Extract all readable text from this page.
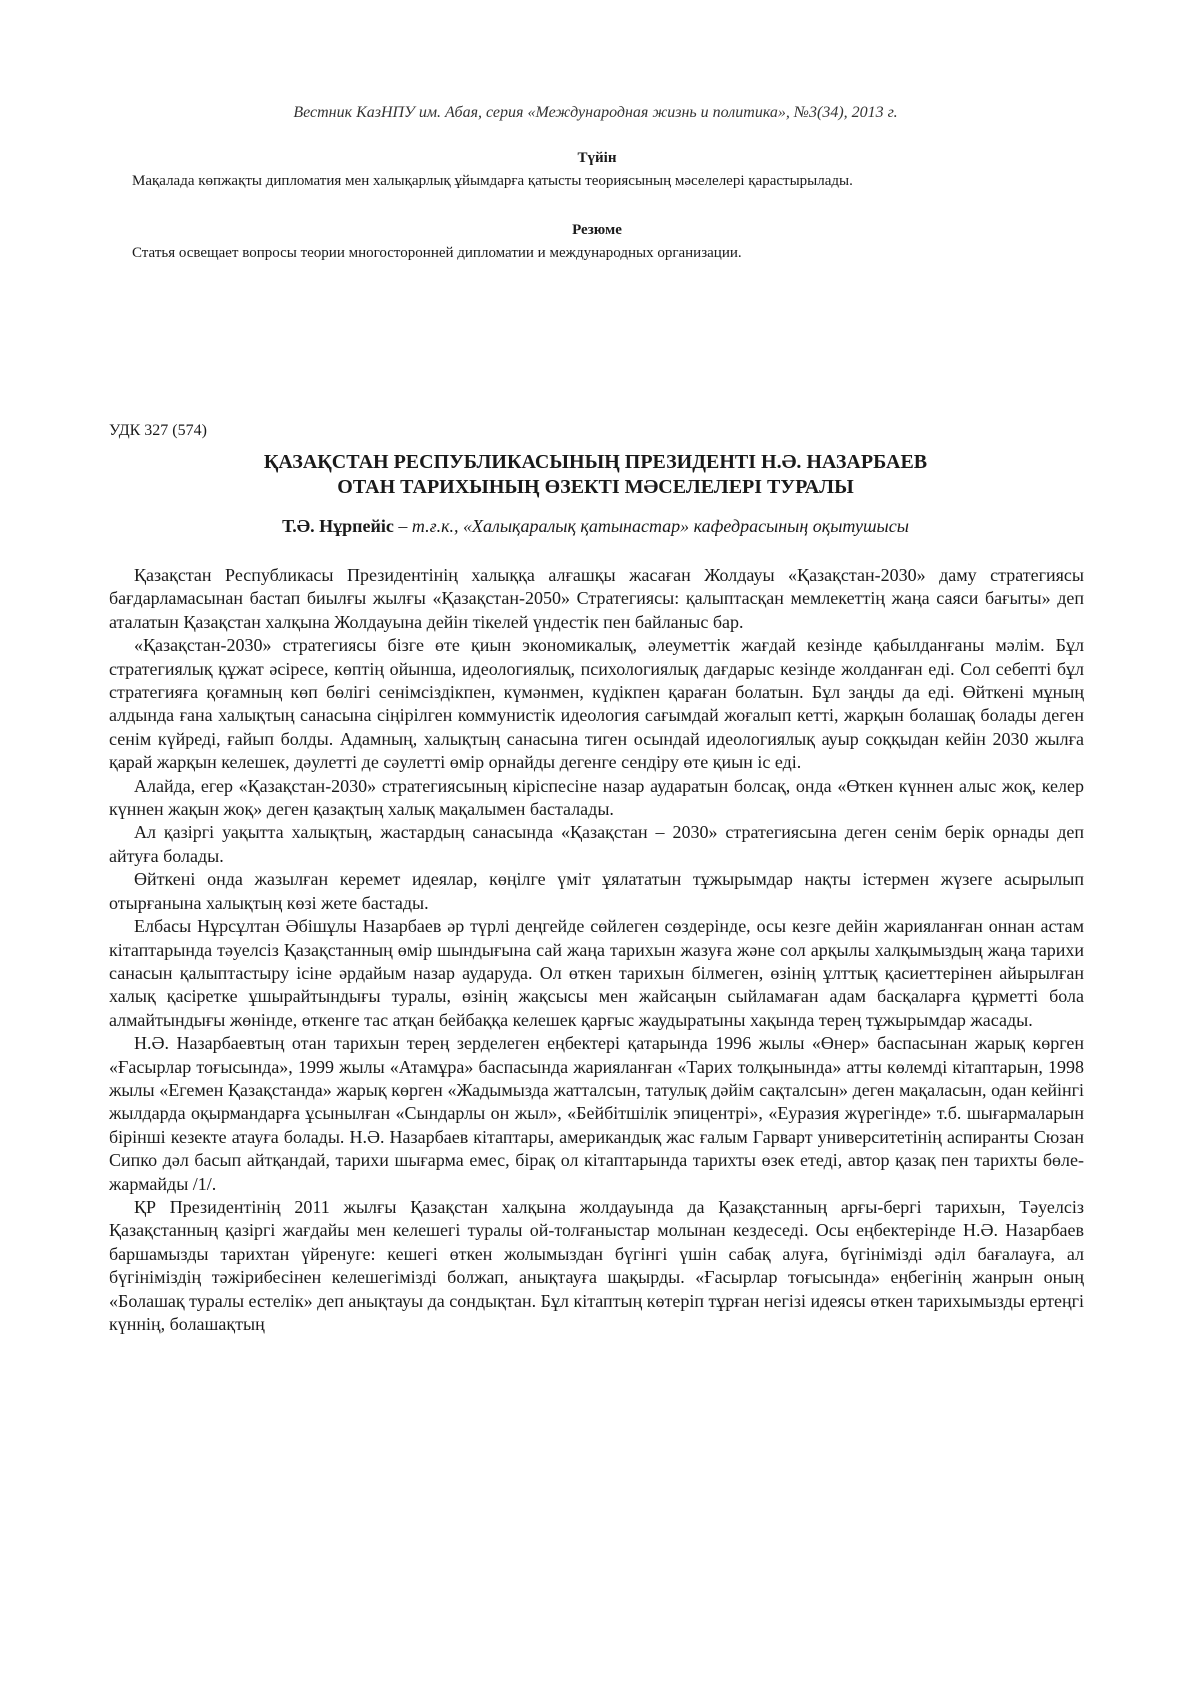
Вестник КазНПУ им. Абая, серия «Международная жизнь и политика», №3(34), 2013 г.

Түйін

Мақалада көпжақты дипломатия мен халықарлық ұйымдарға қатысты теориясының мәселелері қарастырылады.

Резюме

Статья освещает вопросы теории многосторонней дипломатии и международных организации.

УДК 327 (574)
ҚАЗАҚСТАН РЕСПУБЛИКАСЫНЫҢ ПРЕЗИДЕНТІ Н.Ә. НАЗАРБАЕВ
ОТАН ТАРИХЫНЫҢ ӨЗЕКТІ МӘСЕЛЕЛЕРІ ТУРАЛЫ
Т.Ә. Нұрпейіс – т.ғ.к., «Халықаралық қатынастар» кафедрасының оқытушысы

Қазақстан Республикасы Президентінің халыққа алғашқы жасаған Жолдауы «Қазақстан-2030» даму стратегиясы бағдарламасынан бастап биылғы жылғы «Қазақстан-2050» Стратегиясы: қалыптасқан мемлекеттің жаңа саяси бағыты» деп аталатын Қазақстан халқына Жолдауына дейін тікелей үндестік пен байланыс бар.

«Қазақстан-2030» стратегиясы бізге өте қиын экономикалық, әлеуметтік жағдай кезінде қабылданғаны мәлім. Бұл стратегиялық құжат әсіресе, көптің ойынша, идеологиялық, психологиялық дағдарыс кезінде жолданған еді. Сол себепті бұл стратегияға қоғамның көп бөлігі сенімсіздікпен, күмәнмен, күдікпен қараған болатын. Бұл заңды да еді. Өйткені мұның алдында ғана халықтың санасына сіңірілген коммунистік идеология сағымдай жоғалып кетті, жарқын болашақ болады деген сенім күйреді, ғайып болды. Адамның, халықтың санасына тиген осындай идеологиялық ауыр соққыдан кейін 2030 жылға қарай жарқын келешек, дәулетті де сәулетті өмір орнайды дегенге сендіру өте қиын іс еді.

Алайда, егер «Қазақстан-2030» стратегиясының кіріспесіне назар аударатын болсақ, онда «Өткен күннен алыс жоқ, келер күннен жақын жоқ» деген қазақтың халық мақалымен басталады.

Ал қазіргі уақытта халықтың, жастардың санасында «Қазақстан – 2030» стратегиясына деген сенім берік орнады деп айтуға болады.

Өйткені онда жазылған керемет идеялар, көңілге үміт ұялататын тұжырымдар нақты істермен жүзеге асырылып отырғанына халықтың көзі жете бастады.

Елбасы Нұрсұлтан Әбішұлы Назарбаев әр түрлі деңгейде сөйлеген сөздерінде, осы кезге дейін жарияланған оннан астам кітаптарында тәуелсіз Қазақстанның өмір шындығына сай жаңа тарихын жазуға және сол арқылы халқымыздың жаңа тарихи санасын қалыптастыру ісіне әрдайым назар аударуда. Ол өткен тарихын білмеген, өзінің ұлттық қасиеттерінен айырылған халық қасіретке ұшырайтындығы туралы, өзінің жақсысы мен жайсаңын сыйламаған адам басқаларға құрметті бола алмайтындығы жөнінде, өткенге тас атқан бейбаққа келешек қарғыс жаудыратыны хақында терең тұжырымдар жасады.

Н.Ә. Назарбаевтың отан тарихын терең зерделеген еңбектері қатарында 1996 жылы «Өнер» баспасынан жарық көрген «Ғасырлар тоғысында», 1999 жылы «Атамұра» баспасында жарияланған «Тарих толқынында» атты көлемді кітаптарын, 1998 жылы «Егемен Қазақстанда» жарық көрген «Жадымызда жатталсын, татулық дәйім сақталсын» деген мақаласын, одан кейінгі жылдарда оқырмандарға ұсынылған «Сындарлы он жыл», «Бейбітшілік эпицентрі», «Еуразия жүрегінде» т.б. шығармаларын бірінші кезекте атауға болады. Н.Ә. Назарбаев кітаптары, американдық жас ғалым Гарварт университетінің аспиранты Сюзан Сипко дәл басып айтқандай, тарихи шығарма емес, бірақ ол кітаптарында тарихты өзек етеді, автор қазақ пен тарихты бөле-жармайды /1/.

ҚР Президентінің 2011 жылғы Қазақстан халқына жолдауында да Қазақстанның арғы-бергі тарихын, Тәуелсіз Қазақстанның қазіргі жағдайы мен келешегі туралы ой-толғаныстар молынан кездеседі. Осы еңбектерінде Н.Ә. Назарбаев баршамызды тарихтан үйренуге: кешегі өткен жолымыздан бүгінгі үшін сабақ алуға, бүгінімізді әділ бағалауға, ал бүгініміздің тәжірибесінен келешегімізді болжап, анықтауға шақырды. «Ғасырлар тоғысында» еңбегінің жанрын оның «Болашақ туралы естелік» деп анықтауы да сондықтан. Бұл кітаптың көтеріп тұрған негізі идеясы өткен тарихымызды ертеңгі күннің, болашақтың
